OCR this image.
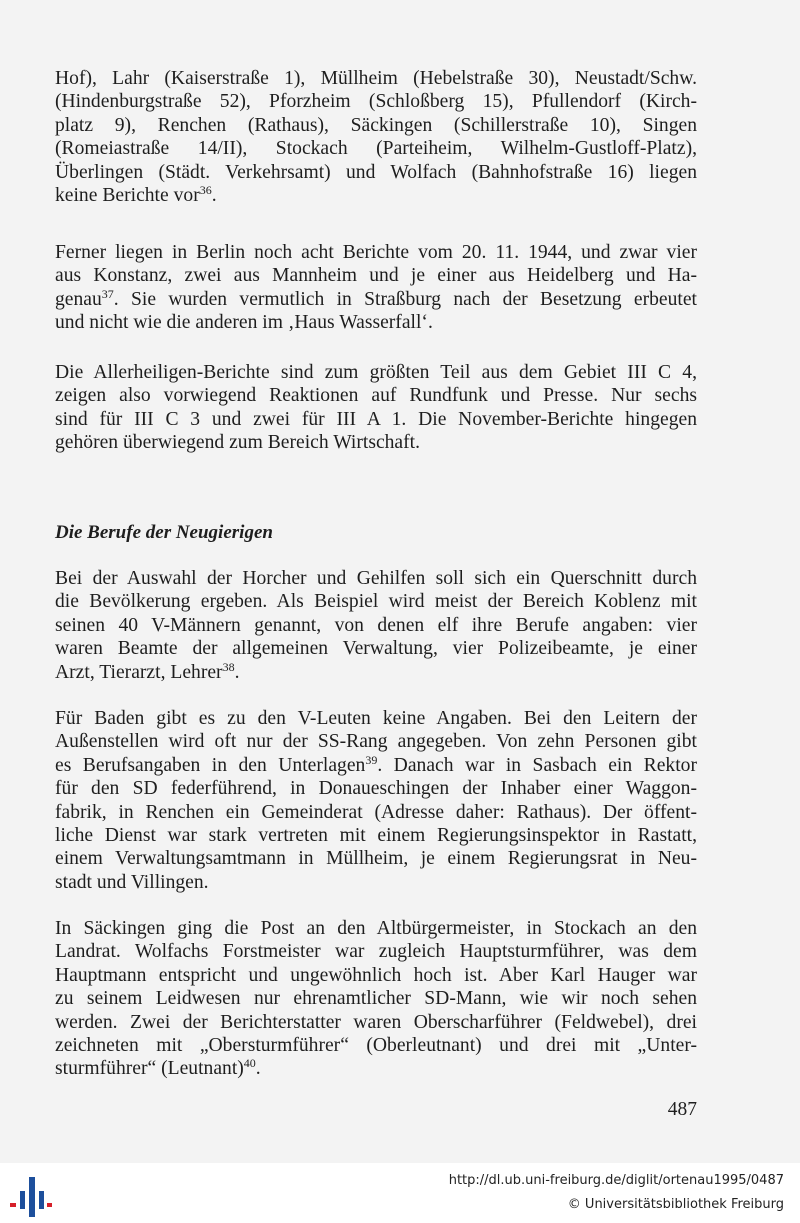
Hof), Lahr (Kaiserstraße 1), Müllheim (Hebelstraße 30), Neustadt/Schw.
(Hindenburgstraße 52), Pforzheim (Schloßberg 15), Pfullendorf (Kirch-
platz 9), Renchen (Rathaus), Säckingen (Schillerstraße 10), Singen
(Romeiastraße 14/II), Stockach (Parteiheim, Wilhelm-Gustloff-Platz),
Überlingen (Städt. Verkehrsamt) und Wolfach (Bahnhofstraße 16) liegen
keine Berichte vor$^{36}$.

Ferner liegen in Berlin noch acht Berichte vom 20. 11. 1944, und zwar vier
aus Konstanz, zwei aus Mannheim und je einer aus Heidelberg und Ha-
genau$^{37}$. Sie wurden vermutlich in Straßburg nach der Besetzung erbeutet
und nicht wie die anderen im ‚Haus Wasserfall‘.

Die Allerheiligen-Berichte sind zum größten Teil aus dem Gebiet III C 4,
zeigen also vorwiegend Reaktionen auf Rundfunk und Presse. Nur sechs
sind für III C 3 und zwei für III A 1. Die November-Berichte hingegen
gehören überwiegend zum Bereich Wirtschaft.

Die Berufe der Neugierigen

Bei der Auswahl der Horcher und Gehilfen soll sich ein Querschnitt durch
die Bevölkerung ergeben. Als Beispiel wird meist der Bereich Koblenz mit
seinen 40 V-Männern genannt, von denen elf ihre Berufe angaben: vier
waren Beamte der allgemeinen Verwaltung, vier Polizeibeamte, je einer
Arzt, Tierarzt, Lehrer$^{38}$.

Für Baden gibt es zu den V-Leuten keine Angaben. Bei den Leitern der
Außenstellen wird oft nur der SS-Rang angegeben. Von zehn Personen gibt
es Berufsangaben in den Unterlagen$^{39}$. Danach war in Sasbach ein Rektor
für den SD federführend, in Donaueschingen der Inhaber einer Waggon-
fabrik, in Renchen ein Gemeinderat (Adresse daher: Rathaus). Der öffent-
liche Dienst war stark vertreten mit einem Regierungsinspektor in Rastatt,
einem Verwaltungsamtmann in Müllheim, je einem Regierungsrat in Neu-
stadt und Villingen.

In Säckingen ging die Post an den Altbürgermeister, in Stockach an den
Landrat. Wolfachs Forstmeister war zugleich Hauptsturmführer, was dem
Hauptmann entspricht und ungewöhnlich hoch ist. Aber Karl Hauger war
zu seinem Leidwesen nur ehrenamtlicher SD-Mann, wie wir noch sehen
werden. Zwei der Berichterstatter waren Oberscharführer (Feldwebel), drei
zeichneten mit „Obersturmführer“ (Oberleutnant) und drei mit „Unter-
sturmführer“ (Leutnant)$^{40}$.

487
http://dl.ub.uni-freiburg.de/diglit/ortenau1995/0487
© Universitätsbibliothek Freiburg
